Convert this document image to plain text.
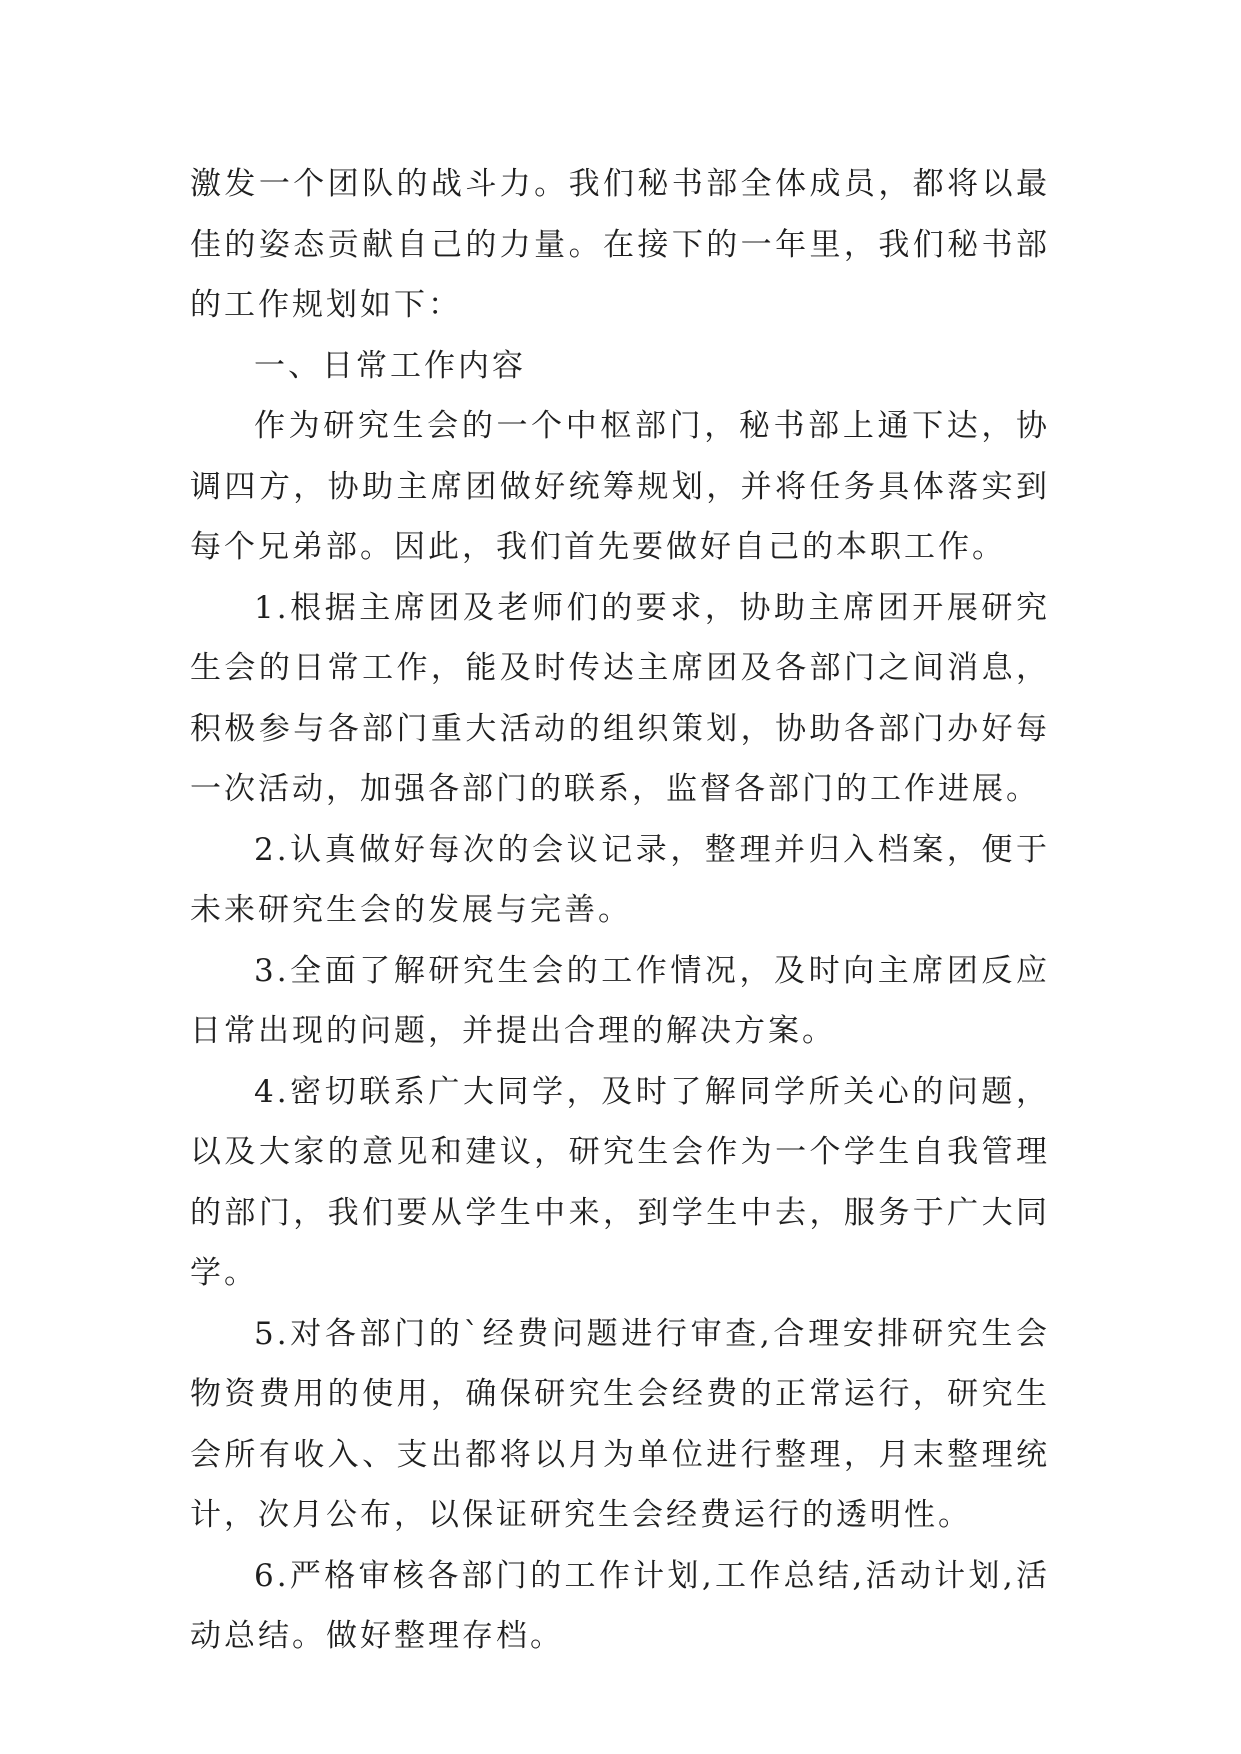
激发一个团队的战斗力。我们秘书部全体成员，都将以最佳的姿态贡献自己的力量。在接下的一年里，我们秘书部的工作规划如下：

一、日常工作内容

作为研究生会的一个中枢部门，秘书部上通下达，协调四方，协助主席团做好统筹规划，并将任务具体落实到每个兄弟部。因此，我们首先要做好自己的本职工作。

1.根据主席团及老师们的要求，协助主席团开展研究生会的日常工作，能及时传达主席团及各部门之间消息，积极参与各部门重大活动的组织策划，协助各部门办好每一次活动，加强各部门的联系，监督各部门的工作进展。

2.认真做好每次的会议记录，整理并归入档案，便于未来研究生会的发展与完善。

3.全面了解研究生会的工作情况，及时向主席团反应日常出现的问题，并提出合理的解决方案。

4.密切联系广大同学，及时了解同学所关心的问题，以及大家的意见和建议，研究生会作为一个学生自我管理的部门，我们要从学生中来，到学生中去，服务于广大同学。

5.对各部门的`经费问题进行审查,合理安排研究生会物资费用的使用，确保研究生会经费的正常运行，研究生会所有收入、支出都将以月为单位进行整理，月末整理统计，次月公布，以保证研究生会经费运行的透明性。

6.严格审核各部门的工作计划,工作总结,活动计划,活动总结。做好整理存档。
